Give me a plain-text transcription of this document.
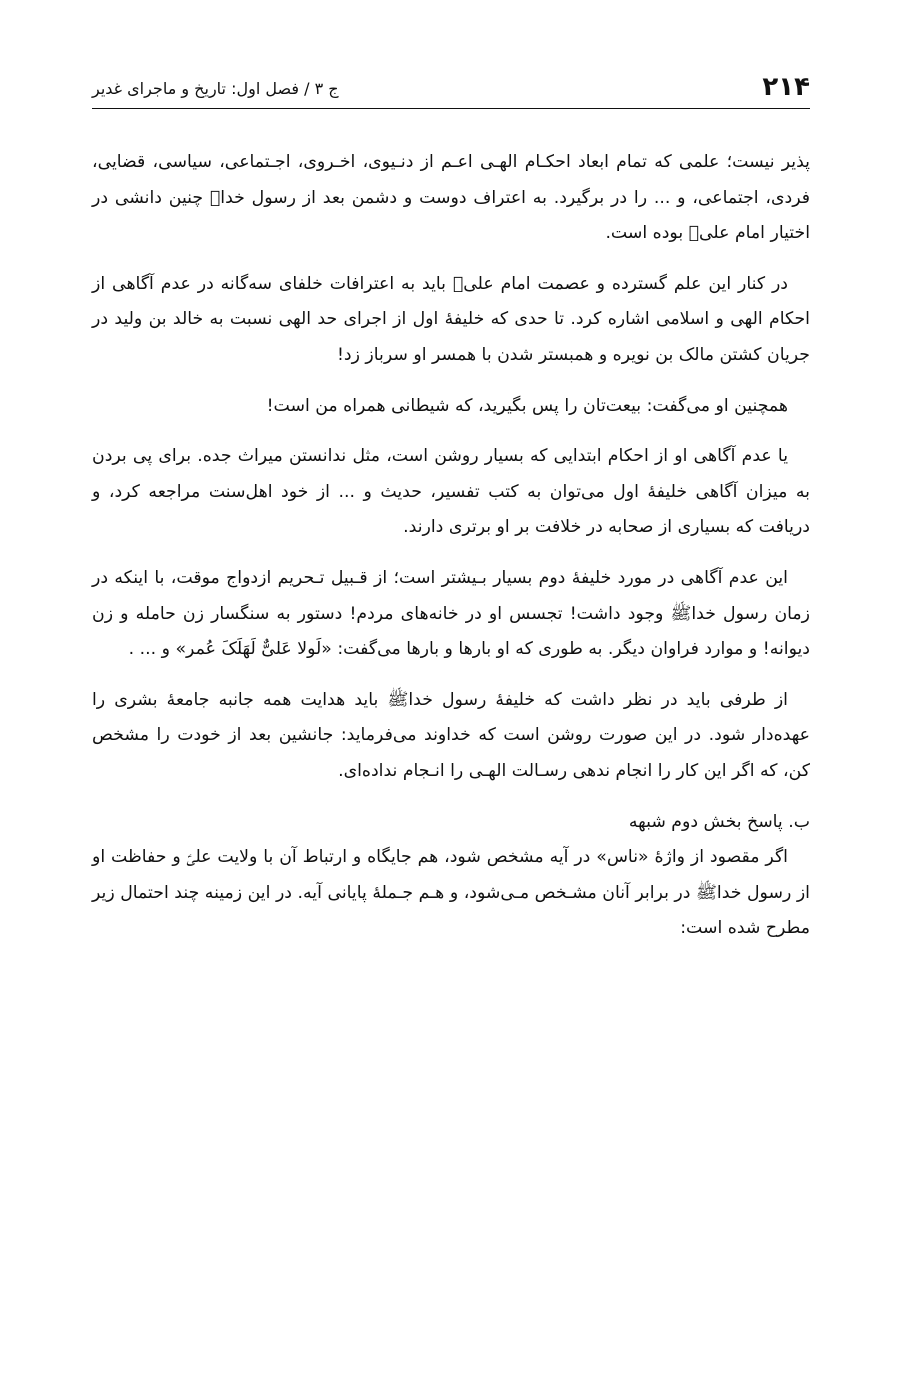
۲۱۴
ج ۳ / فصل اول: تاریخ و ماجرای غدیر

پذیر نیست؛ علمی که تمام ابعاد احکـام الهـی اعـم از دنـیوی، اخـروی، اجـتماعی، سیاسی، قضایی، فردی، اجتماعی، و ... را در برگیرد. به اعتراف دوست و دشمن بعد از رسول خداﷺ چنین دانشی در اختیار امام علیؑ بوده است.

در کنار این علم گسترده و عصمت امام علیؑ باید به اعترافات خلفای سه‌گانه در عدم آگاهی از احکام الهی و اسلامی اشاره کرد. تا حدی که خلیفهٔ اول از اجرای حد الهی نسبت به خالد بن ولید در جریان کشتن مالک بن نویره و همبستر شدن با همسر او سرباز زد!

همچنین او می‌گفت: بیعت‌تان را پس بگیرید، که شیطانی همراه من است!

یا عدم آگاهی او از احکام ابتدایی که بسیار روشن است، مثل ندانستن میراث جده. برای پی بردن به میزان آگاهی خلیفهٔ اول می‌توان به کتب تفسیر، حدیث و ... از خود اهل‌سنت مراجعه کرد، و دریافت که بسیاری از صحابه در خلافت بر او برتری دارند.

این عدم آگاهی در مورد خلیفهٔ دوم بسیار بـیشتر است؛ از قـبیل تـحریم ازدواج موقت، با اینکه در زمان رسول خداﷺ وجود داشت! تجسس او در خانه‌های مردم! دستور به سنگسار زن حامله و زن دیوانه! و موارد فراوان دیگر. به طوری که او بارها و بارها می‌گفت: «لَولا عَلیٌّ لَهَلَکَ عُمر» و ... .

از طرفی باید در نظر داشت که خلیفهٔ رسول خداﷺ باید هدایت همه جانبه جامعهٔ بشری را عهده‌دار شود. در این صورت روشن است که خداوند می‌فرماید: جانشین بعد از خودت را مشخص کن، که اگر این کار را انجام ندهی رسـالت الهـی را انـجام نداده‌ای.

ب. پاسخ بخش دوم شبهه

اگر مقصود از واژهٔ «ناس» در آیه مشخص شود، هم جایگاه و ارتباط آن با ولایت علیؑ و حفاظت او از رسول خداﷺ در برابر آنان مشـخص مـی‌شود، و هـم جـملهٔ پایانی آیه. در این زمینه چند احتمال زیر مطرح شده است:
